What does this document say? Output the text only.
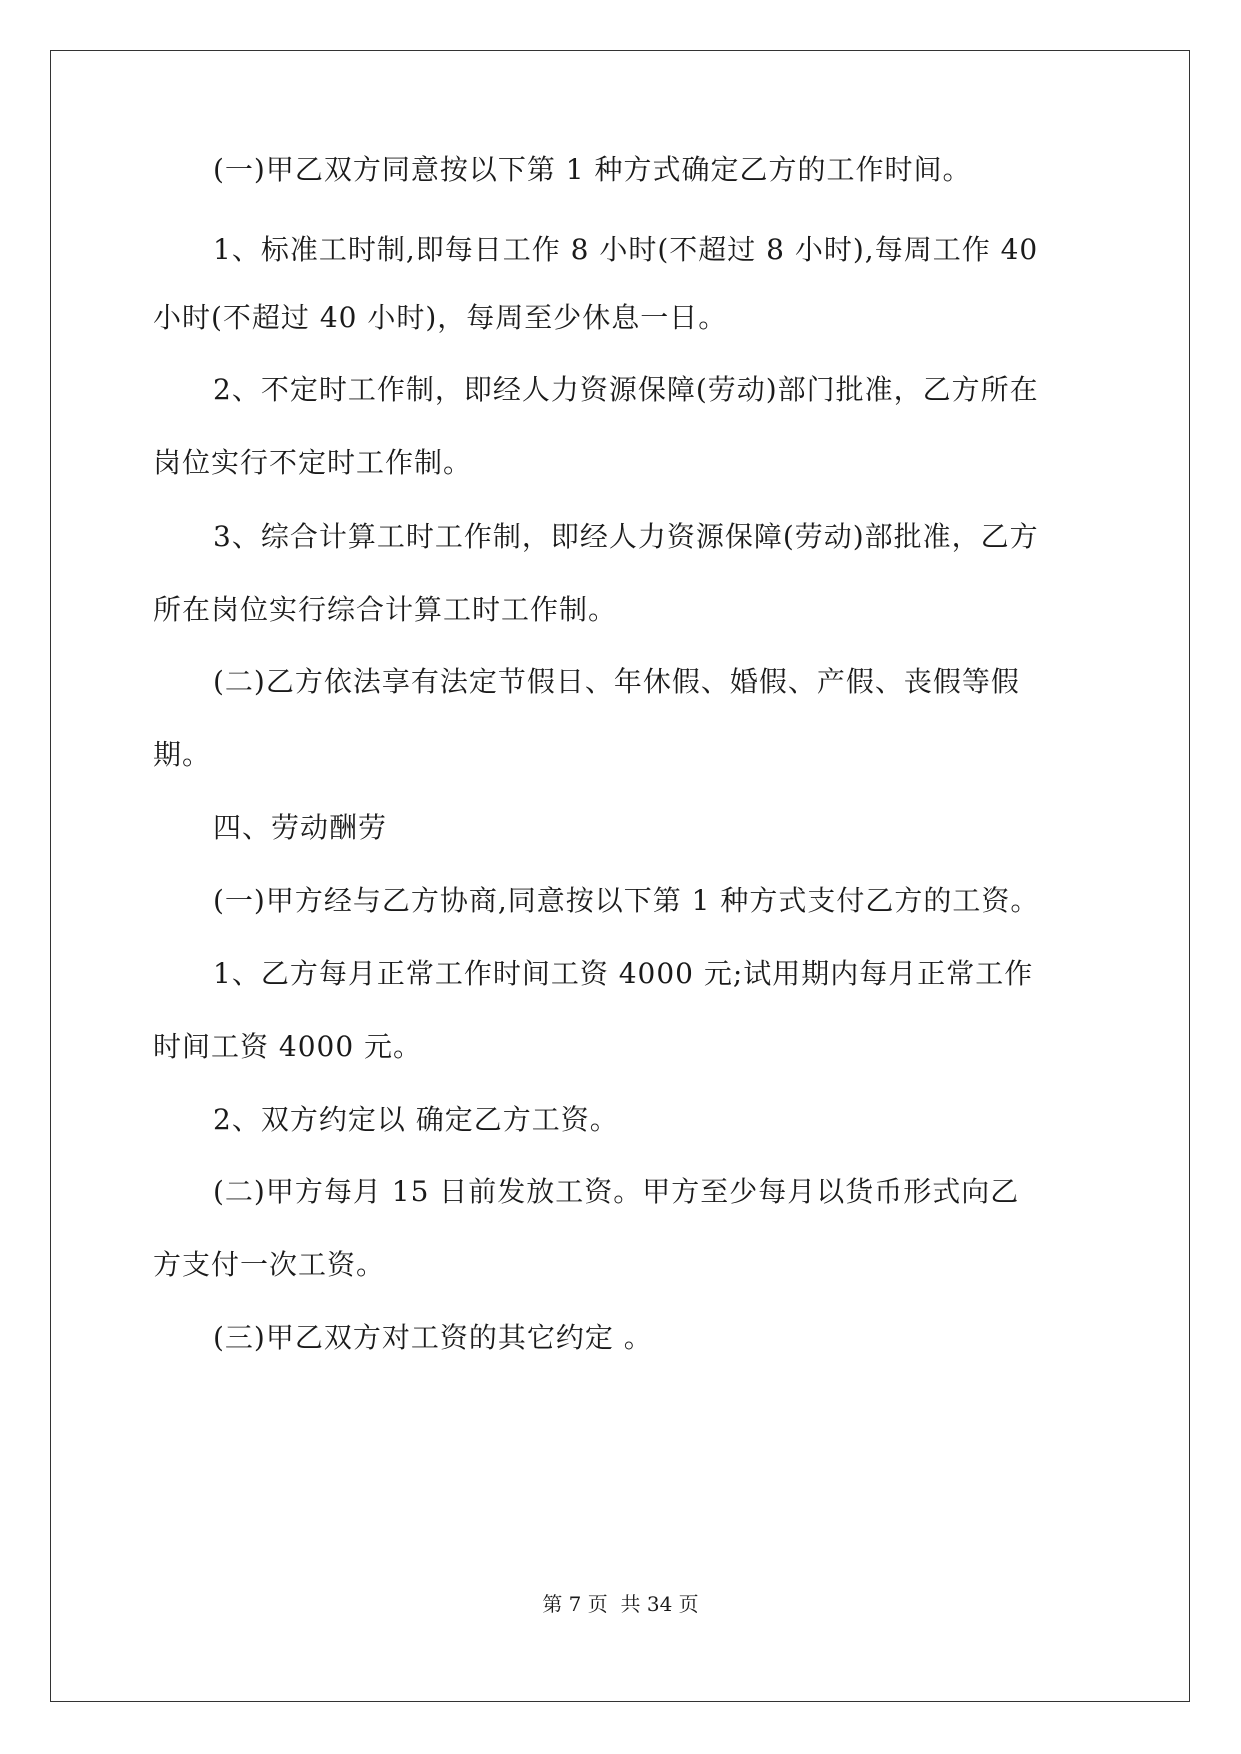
(一)甲乙双方同意按以下第 1 种方式确定乙方的工作时间。
1、标准工时制,即每日工作 8 小时(不超过 8 小时),每周工作 40
小时(不超过 40 小时)，每周至少休息一日。
2、不定时工作制，即经人力资源保障(劳动)部门批准，乙方所在
岗位实行不定时工作制。
3、综合计算工时工作制，即经人力资源保障(劳动)部批准，乙方
所在岗位实行综合计算工时工作制。
(二)乙方依法享有法定节假日、年休假、婚假、产假、丧假等假
期。
四、劳动酬劳
(一)甲方经与乙方协商,同意按以下第 1 种方式支付乙方的工资。
1、乙方每月正常工作时间工资 4000 元;试用期内每月正常工作
时间工资 4000 元。
2、双方约定以 确定乙方工资。
(二)甲方每月 15 日前发放工资。甲方至少每月以货币形式向乙
方支付一次工资。
(三)甲乙双方对工资的其它约定 。
第 7 页  共 34 页
